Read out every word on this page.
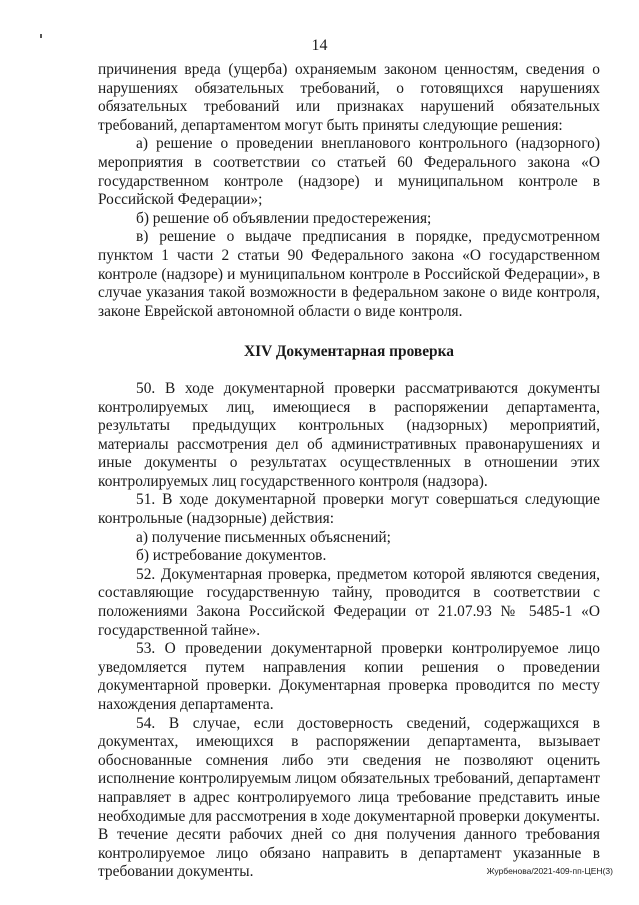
14

причинения вреда (ущерба) охраняемым законом ценностям, сведения о нарушениях обязательных требований, о готовящихся нарушениях обязательных требований или признаках нарушений обязательных требований, департаментом могут быть приняты следующие решения:

а) решение о проведении внепланового контрольного (надзорного) мероприятия в соответствии со статьей 60 Федерального закона «О государственном контроле (надзоре) и муниципальном контроле в Российской Федерации»;

б) решение об объявлении предостережения;

в) решение о выдаче предписания в порядке, предусмотренном пунктом 1 части 2 статьи 90 Федерального закона «О государственном контроле (надзоре) и муниципальном контроле в Российской Федерации», в случае указания такой возможности в федеральном законе о виде контроля, законе Еврейской автономной области о виде контроля.

XIV Документарная проверка

50. В ходе документарной проверки рассматриваются документы контролируемых лиц, имеющиеся в распоряжении департамента, результаты предыдущих контрольных (надзорных) мероприятий, материалы рассмотрения дел об административных правонарушениях и иные документы о результатах осуществленных в отношении этих контролируемых лиц государственного контроля (надзора).

51. В ходе документарной проверки могут совершаться следующие контрольные (надзорные) действия:

а) получение письменных объяснений;

б) истребование документов.

52. Документарная проверка, предметом которой являются сведения, составляющие государственную тайну, проводится в соответствии с положениями Закона Российской Федерации от 21.07.93 № 5485-1 «О государственной тайне».

53. О проведении документарной проверки контролируемое лицо уведомляется путем направления копии решения о проведении документарной проверки. Документарная проверка проводится по месту нахождения департамента.

54. В случае, если достоверность сведений, содержащихся в документах, имеющихся в распоряжении департамента, вызывает обоснованные сомнения либо эти сведения не позволяют оценить исполнение контролируемым лицом обязательных требований, департамент направляет в адрес контролируемого лица требование представить иные необходимые для рассмотрения в ходе документарной проверки документы. В течение десяти рабочих дней со дня получения данного требования контролируемое лицо обязано направить в департамент указанные в требовании документы.	Журбенова/2021-409-пп-ЦЕН(3)
